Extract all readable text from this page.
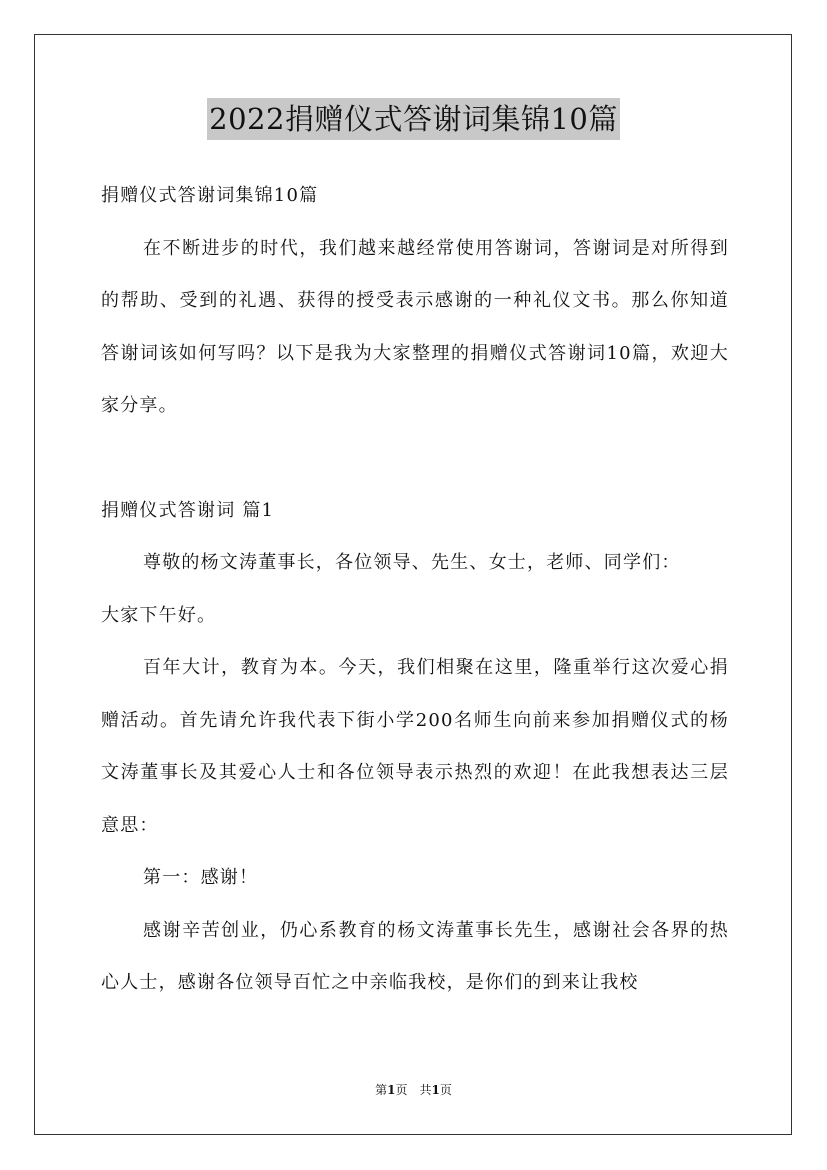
2022捐赠仪式答谢词集锦10篇

捐赠仪式答谢词集锦10篇

在不断进步的时代，我们越来越经常使用答谢词，答谢词是对所得到的帮助、受到的礼遇、获得的授受表示感谢的一种礼仪文书。那么你知道答谢词该如何写吗？以下是我为大家整理的捐赠仪式答谢词10篇，欢迎大家分享。

捐赠仪式答谢词 篇1

尊敬的杨文涛董事长，各位领导、先生、女士，老师、同学们：

大家下午好。

百年大计，教育为本。今天，我们相聚在这里，隆重举行这次爱心捐赠活动。首先请允许我代表下街小学200名师生向前来参加捐赠仪式的杨文涛董事长及其爱心人士和各位领导表示热烈的欢迎！在此我想表达三层意思：

第一：感谢！

感谢辛苦创业，仍心系教育的杨文涛董事长先生，感谢社会各界的热心人士，感谢各位领导百忙之中亲临我校，是你们的到来让我校

第1页　共1页
